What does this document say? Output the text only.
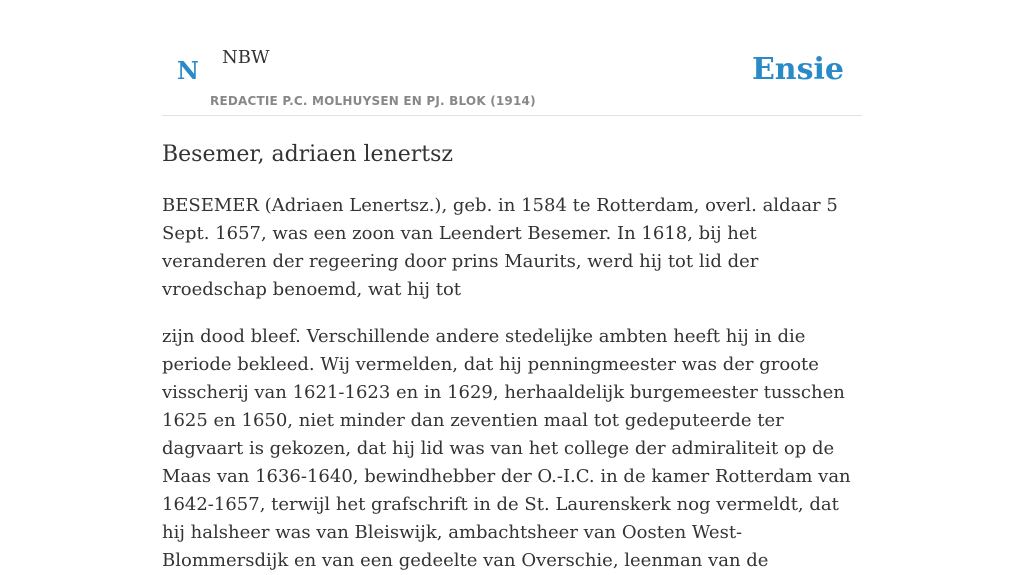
N NBW
REDACTIE P.C. MOLHUYSEN EN PJ. BLOK (1914)
Ensie
Besemer, adriaen lenertsz

BESEMER (Adriaen Lenertsz.), geb. in 1584 te Rotterdam, overl. aldaar 5 Sept. 1657, was een zoon van Leendert Besemer. In 1618, bij het veranderen der regeering door prins Maurits, werd hij tot lid der vroedschap benoemd, wat hij tot

zijn dood bleef. Verschillende andere stedelijke ambten heeft hij in die periode bekleed. Wij vermelden, dat hij penningmeester was der groote visscherij van 1621-1623 en in 1629, herhaaldelijk burgemeester tusschen 1625 en 1650, niet minder dan zeventien maal tot gedeputeerde ter dagvaart is gekozen, dat hij lid was van het college der admiraliteit op de Maas van 1636-1640, bewindhebber der O.-I.C. in de kamer Rotterdam van 1642-1657, terwijl het grafschrift in de St. Laurenskerk nog vermeldt, dat hij halsheer was van Bleiswijk, ambachtsheer van Oosten West-Blommersdijk en van een gedeelte van Overschie, leenman van de
